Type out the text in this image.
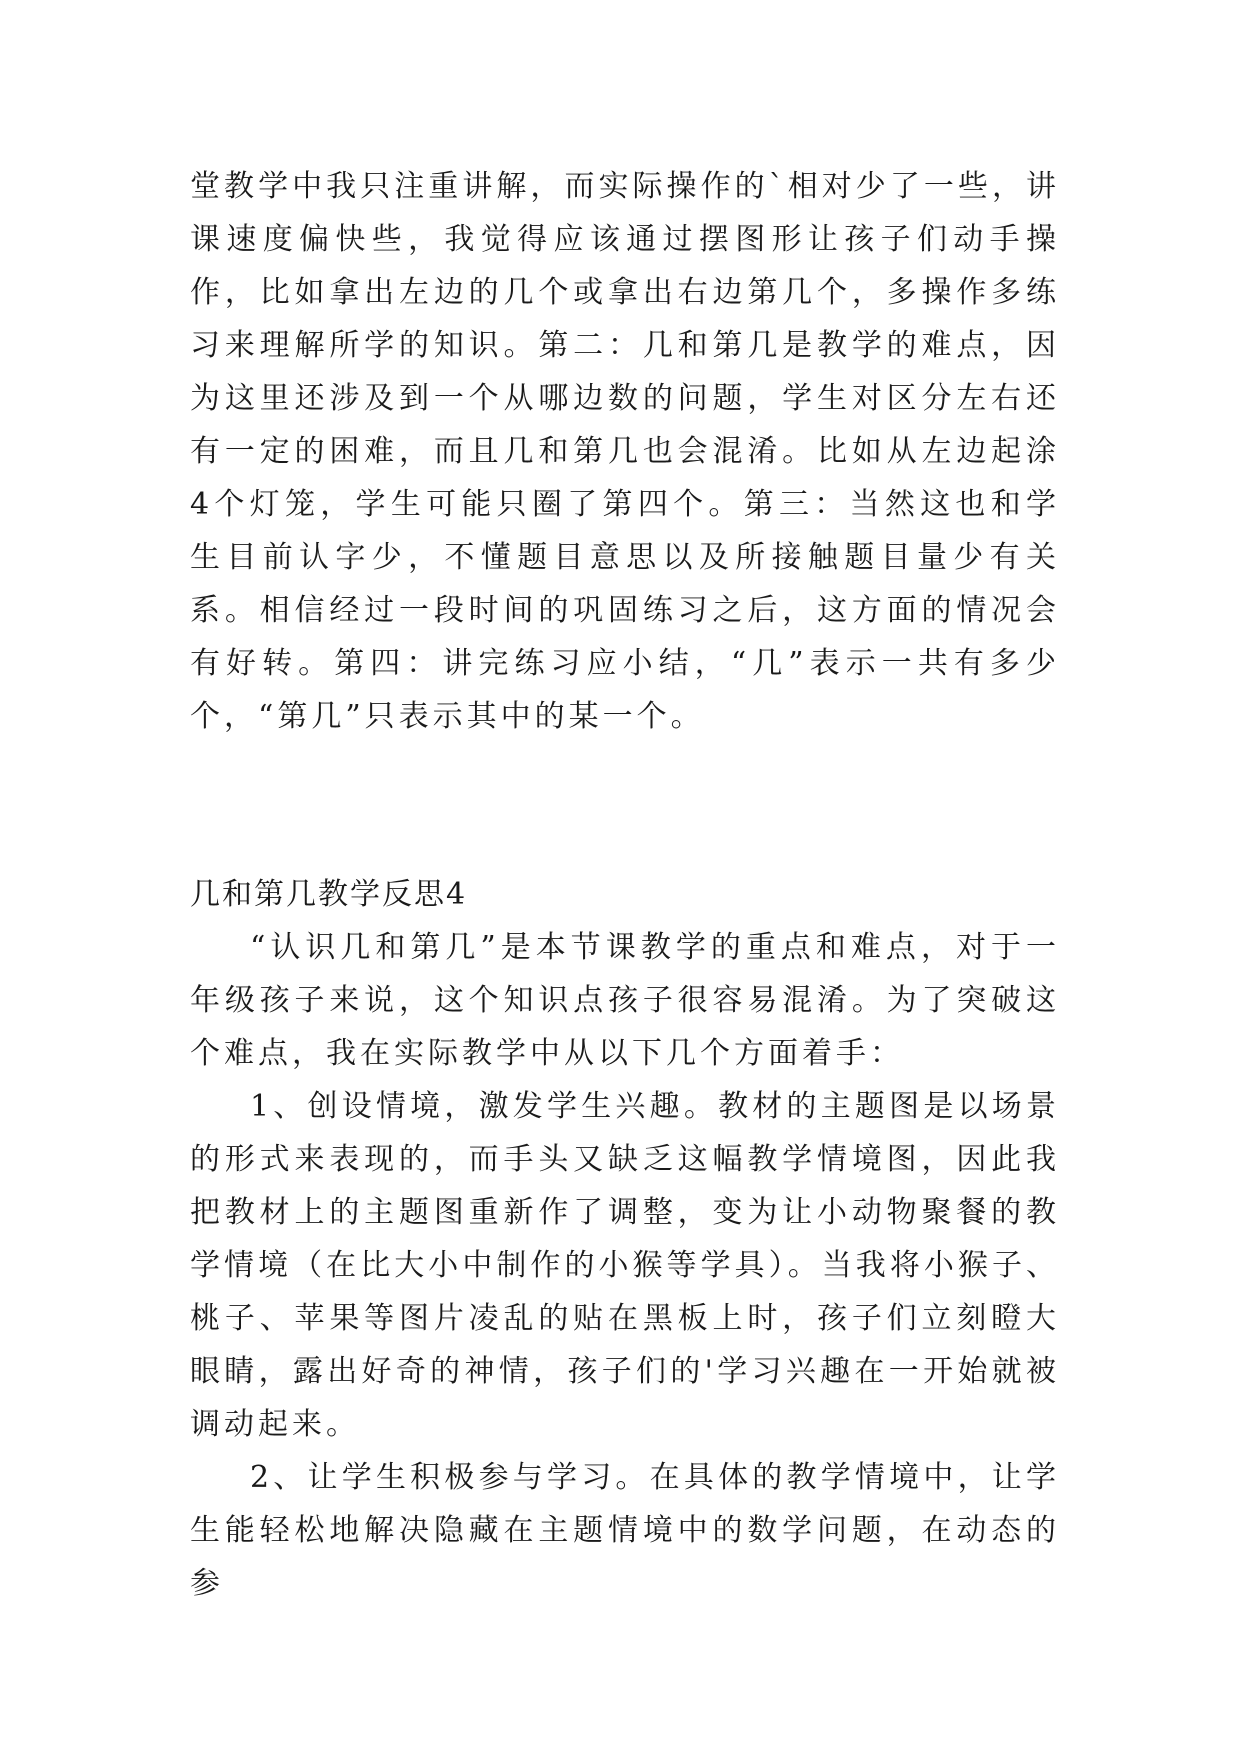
堂教学中我只注重讲解，而实际操作的`相对少了一些，讲课速度偏快些，我觉得应该通过摆图形让孩子们动手操作，比如拿出左边的几个或拿出右边第几个，多操作多练习来理解所学的知识。第二：几和第几是教学的难点，因为这里还涉及到一个从哪边数的问题，学生对区分左右还有一定的困难，而且几和第几也会混淆。比如从左边起涂4个灯笼，学生可能只圈了第四个。第三：当然这也和学生目前认字少，不懂题目意思以及所接触题目量少有关系。相信经过一段时间的巩固练习之后，这方面的情况会有好转。第四：讲完练习应小结，“几”表示一共有多少个，“第几”只表示其中的某一个。

几和第几教学反思4

“认识几和第几”是本节课教学的重点和难点，对于一年级孩子来说，这个知识点孩子很容易混淆。为了突破这个难点，我在实际教学中从以下几个方面着手：

1、创设情境，激发学生兴趣。教材的主题图是以场景的形式来表现的，而手头又缺乏这幅教学情境图，因此我把教材上的主题图重新作了调整，变为让小动物聚餐的教学情境（在比大小中制作的小猴等学具）。当我将小猴子、桃子、苹果等图片凌乱的贴在黑板上时，孩子们立刻瞪大眼睛，露出好奇的神情，孩子们的'学习兴趣在一开始就被调动起来。

2、让学生积极参与学习。在具体的教学情境中，让学生能轻松地解决隐藏在主题情境中的数学问题，在动态的参
